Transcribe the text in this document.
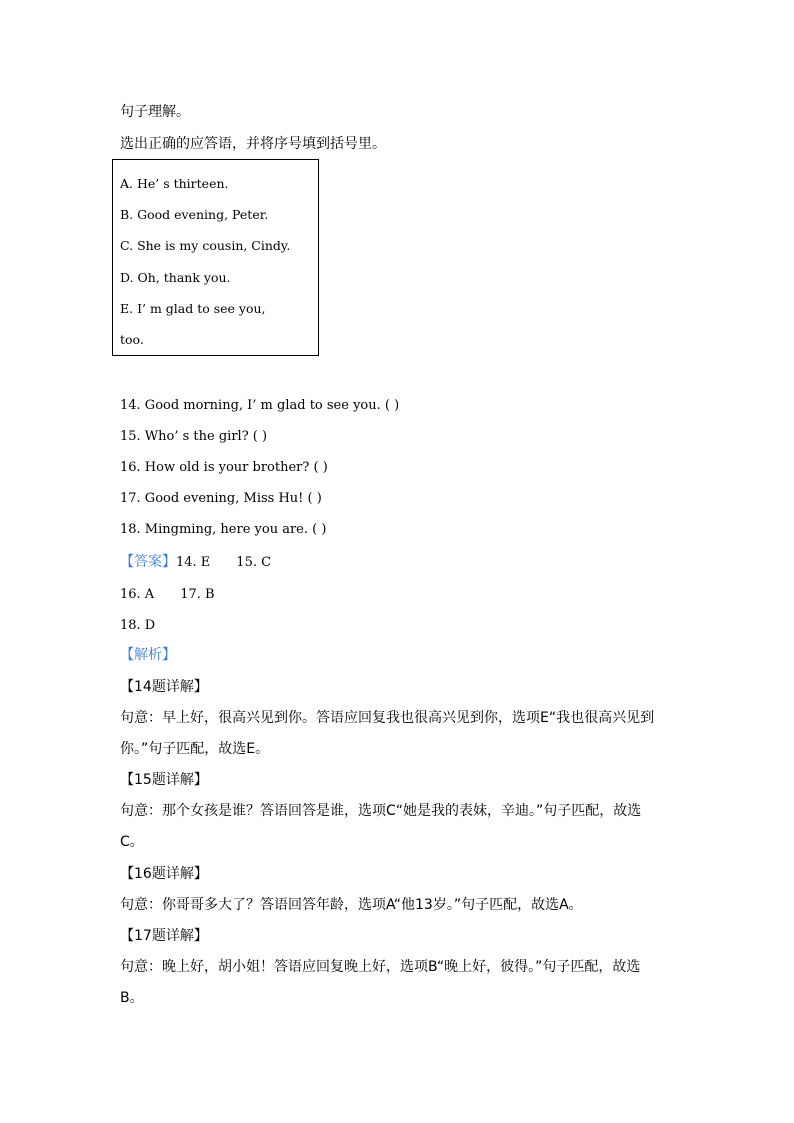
句子理解。
选出正确的应答语，并将序号填到括号里。
A. He’ s thirteen.
B. Good evening, Peter.
C. She is my cousin, Cindy.
D. Oh, thank you.
E. I’ m glad to see you,
too.
14. Good morning, I’ m glad to see you. ( )
15. Who’ s the girl? ( )
16. How old is your brother? ( )
17. Good evening, Miss Hu! ( )
18. Mingming, here you are. ( )
【答案】14. E 15. C
16. A 17. B
18. D
【解析】
【14题详解】
句意：早上好，很高兴见到你。答语应回复我也很高兴见到你，选项E“我也很高兴见到
你。”句子匹配，故选E。
【15题详解】
句意：那个女孩是谁？答语回答是谁，选项C“她是我的表妹，辛迪。”句子匹配，故选
C。
【16题详解】
句意：你哥哥多大了？答语回答年龄，选项A“他13岁。”句子匹配，故选A。
【17题详解】
句意：晚上好，胡小姐！答语应回复晚上好，选项B“晚上好，彼得。”句子匹配，故选
B。
